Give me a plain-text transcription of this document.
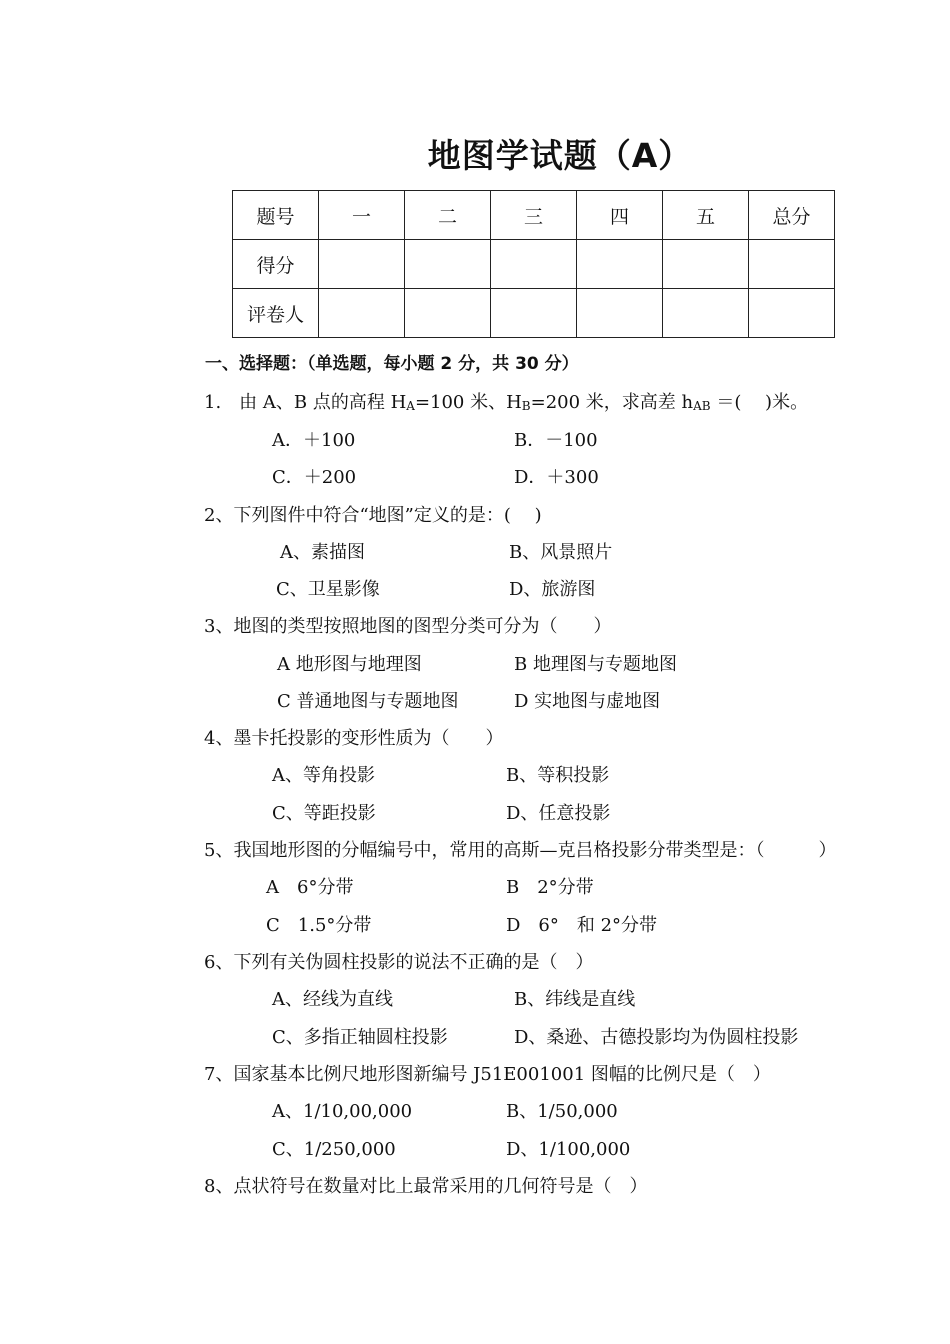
地图学试题（A）
题号	一	二	三	四	五	总分
得分						
评卷人						
一、选择题：（单选题，每小题 2 分，共 30 分）
1.　由 A、B 点的高程 $H_A=100$ 米、$H_B=200$ 米，求高差 $h_{AB}$ ＝(　 )米。
A．＋100	B．－100
C．＋200	D．＋300
2、下列图件中符合“地图”定义的是：(　 )
A、素描图	B、风景照片
C、卫星影像	D、旅游图
3、地图的类型按照地图的图型分类可分为（　　）
A 地形图与地理图	B 地理图与专题地图
C 普通地图与专题地图	D 实地图与虚地图
4、墨卡托投影的变形性质为（　　）
A、等角投影	B、等积投影
C、等距投影	D、任意投影
5、我国地形图的分幅编号中，常用的高斯—克吕格投影分带类型是：（　　　）
A　6°分带	B　2°分带
C　1.5°分带	D　6°　和 2°分带
6、下列有关伪圆柱投影的说法不正确的是（　）
A、经线为直线	B、纬线是直线
C、多指正轴圆柱投影	D、桑逊、古德投影均为伪圆柱投影
7、国家基本比例尺地形图新编号 J51E001001 图幅的比例尺是（　）
A、1/10,00,000	B、1/50,000
C、1/250,000	D、1/100,000
8、点状符号在数量对比上最常采用的几何符号是（　）
